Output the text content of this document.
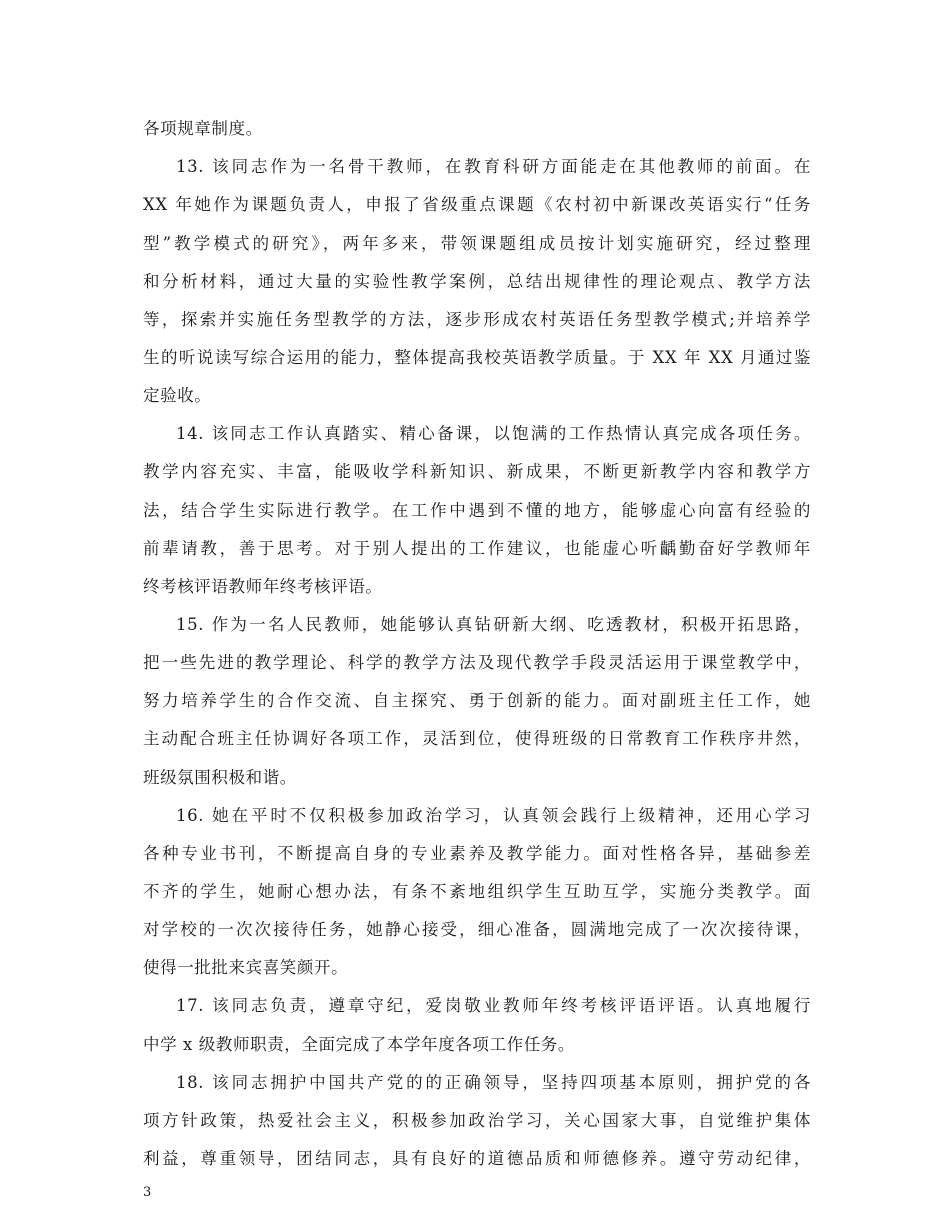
各项规章制度。
13. 该同志作为一名骨干教师，在教育科研方面能走在其他教师的前面。在
XX 年她作为课题负责人，申报了省级重点课题《农村初中新课改英语实行“任务
型”教学模式的研究》，两年多来，带领课题组成员按计划实施研究，经过整理
和分析材料，通过大量的实验性教学案例，总结出规律性的理论观点、教学方法
等，探索并实施任务型教学的方法，逐步形成农村英语任务型教学模式;并培养学
生的听说读写综合运用的能力，整体提高我校英语教学质量。于 XX 年 XX 月通过鉴
定验收。
14. 该同志工作认真踏实、精心备课，以饱满的工作热情认真完成各项任务。
教学内容充实、丰富，能吸收学科新知识、新成果，不断更新教学内容和教学方
法，结合学生实际进行教学。在工作中遇到不懂的地方，能够虚心向富有经验的
前辈请教，善于思考。对于别人提出的工作建议，也能虚心听齲勤奋好学教师年
终考核评语教师年终考核评语。
15. 作为一名人民教师，她能够认真钻研新大纲、吃透教材，积极开拓思路，
把一些先进的教学理论、科学的教学方法及现代教学手段灵活运用于课堂教学中，
努力培养学生的合作交流、自主探究、勇于创新的能力。面对副班主任工作，她
主动配合班主任协调好各项工作，灵活到位，使得班级的日常教育工作秩序井然，
班级氛围积极和谐。
16. 她在平时不仅积极参加政治学习，认真领会践行上级精神，还用心学习
各种专业书刊，不断提高自身的专业素养及教学能力。面对性格各异，基础参差
不齐的学生，她耐心想办法，有条不紊地组织学生互助互学，实施分类教学。面
对学校的一次次接待任务，她静心接受，细心准备，圆满地完成了一次次接待课，
使得一批批来宾喜笑颜开。
17. 该同志负责，遵章守纪，爱岗敬业教师年终考核评语评语。认真地履行
中学 x 级教师职责，全面完成了本学年度各项工作任务。
18. 该同志拥护中国共产党的的正确领导，坚持四项基本原则，拥护党的各
项方针政策，热爱社会主义，积极参加政治学习，关心国家大事，自觉维护集体
利益，尊重领导，团结同志，具有良好的道德品质和师德修养。遵守劳动纪律，
3
